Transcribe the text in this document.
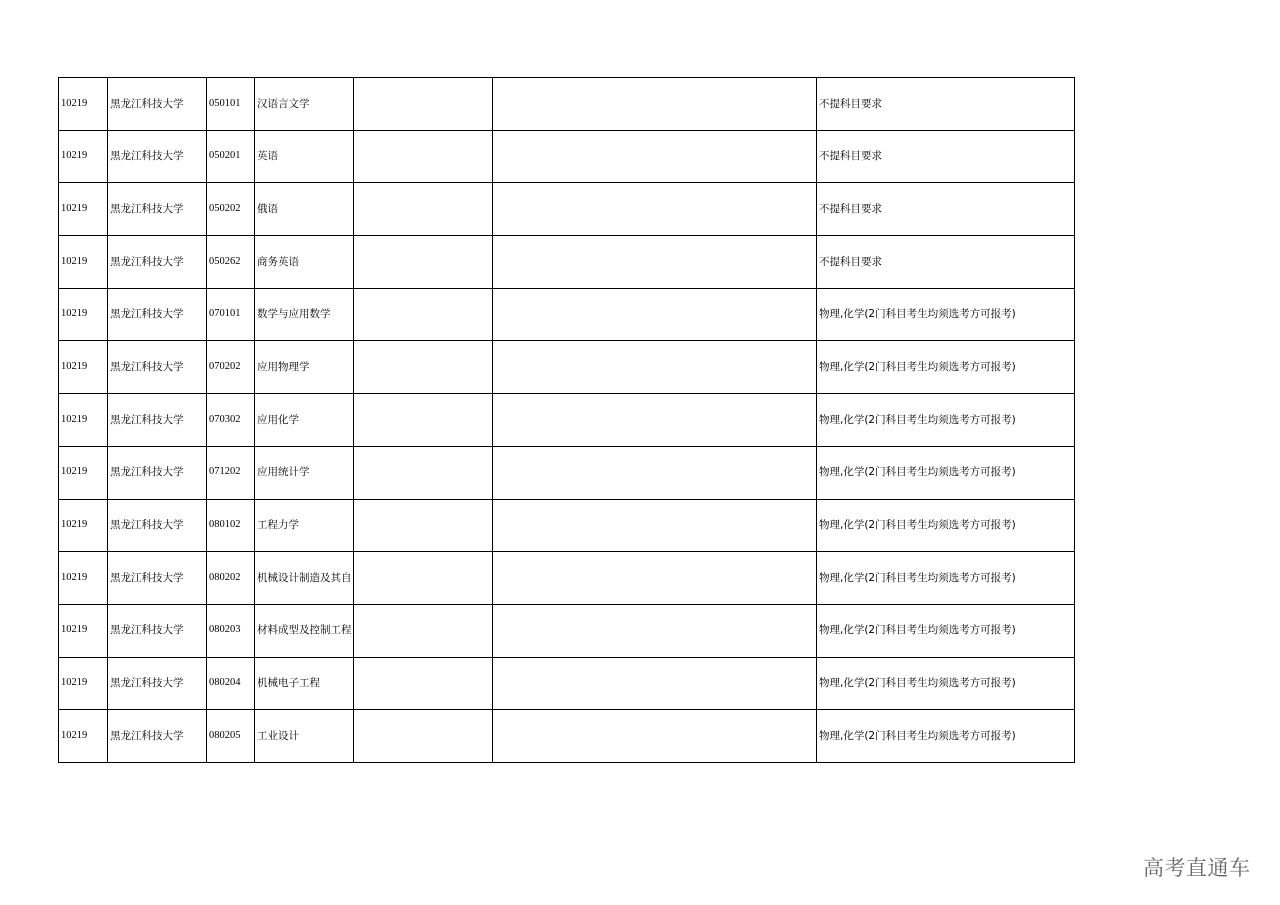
10219	黑龙江科技大学	050101	汉语言文学			不提科目要求
10219	黑龙江科技大学	050201	英语			不提科目要求
10219	黑龙江科技大学	050202	俄语			不提科目要求
10219	黑龙江科技大学	050262	商务英语			不提科目要求
10219	黑龙江科技大学	070101	数学与应用数学			物理,化学(2门科目考生均须选考方可报考)
10219	黑龙江科技大学	070202	应用物理学			物理,化学(2门科目考生均须选考方可报考)
10219	黑龙江科技大学	070302	应用化学			物理,化学(2门科目考生均须选考方可报考)
10219	黑龙江科技大学	071202	应用统计学			物理,化学(2门科目考生均须选考方可报考)
10219	黑龙江科技大学	080102	工程力学			物理,化学(2门科目考生均须选考方可报考)
10219	黑龙江科技大学	080202	机械设计制造及其自			物理,化学(2门科目考生均须选考方可报考)
10219	黑龙江科技大学	080203	材料成型及控制工程			物理,化学(2门科目考生均须选考方可报考)
10219	黑龙江科技大学	080204	机械电子工程			物理,化学(2门科目考生均须选考方可报考)
10219	黑龙江科技大学	080205	工业设计			物理,化学(2门科目考生均须选考方可报考)
高考直通车
